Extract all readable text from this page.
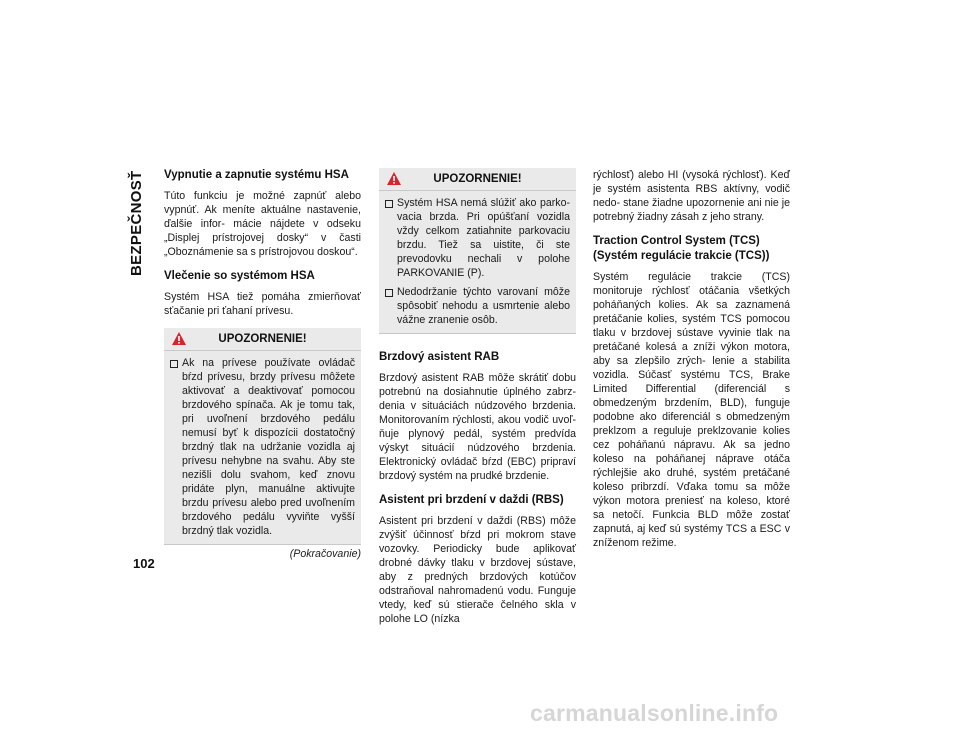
BEZPEČNOSŤ
102
Vypnutie a zapnutie systému HSA

Túto funkciu je možné zapnúť alebo vypnúť. Ak meníte aktuálne nastavenie, ďalšie infor- mácie nájdete v odseku „Displej prístrojovej dosky“ v časti „Oboznámenie sa s prístrojovou doskou“.

Vlečenie so systémom HSA

Systém HSA tiež pomáha zmierňovať sťačanie pri ťahaní prívesu.

UPOZORNENIE!
Ak na prívese používate ovládač bŕzd prívesu, brzdy prívesu môžete aktivovať a deaktivovať pomocou brzdového spínača. Ak je tomu tak, pri uvoľnení brzdového pedálu nemusí byť k dispozícii dostatočný brzdný tlak na udržanie vozidla aj prívesu nehybne na svahu. Aby ste nezišli dolu svahom, keď znovu pridáte plyn, manuálne aktivujte brzdu prívesu alebo pred uvoľnením brzdového pedálu vyviňte vyšší brzdný tlak vozidla.
(Pokračovanie)
UPOZORNENIE!
Systém HSA nemá slúžiť ako parko- vacia brzda. Pri opúšťaní vozidla vždy celkom zatiahnite parkovaciu brzdu. Tiež sa uistite, či ste prevodovku nechali v polohe PARKOVANIE (P).
Nedodržanie týchto varovaní môže spôsobiť nehodu a usmrtenie alebo vážne zranenie osôb.
Brzdový asistent RAB

Brzdový asistent RAB môže skrátiť dobu potrebnú na dosiahnutie úplného zabrz- denia v situáciách núdzového brzdenia. Monitorovaním rýchlosti, akou vodič uvoľ- ňuje plynový pedál, systém predvída výskyt situácií núdzového brzdenia. Elektronický ovládač bŕzd (EBC) pripraví brzdový systém na prudké brzdenie.

Asistent pri brzdení v daždi (RBS)

Asistent pri brzdení v daždi (RBS) môže zvýšiť účinnosť bŕzd pri mokrom stave vozovky. Periodicky bude aplikovať drobné dávky tlaku v brzdovej sústave, aby z predných brzdových kotúčov odstraňoval nahromadenú vodu. Funguje vtedy, keď sú stierače čelného skla v polohe LO (nízka

rýchlosť) alebo HI (vysoká rýchlosť). Keď je systém asistenta RBS aktívny, vodič nedo- stane žiadne upozornenie ani nie je potrebný žiadny zásah z jeho strany.

Traction Control System (TCS)
(Systém regulácie trakcie (TCS))

Systém regulácie trakcie (TCS) monitoruje rýchlosť otáčania všetkých poháňaných kolies. Ak sa zaznamená pretáčanie kolies, systém TCS pomocou tlaku v brzdovej sústave vyvinie tlak na pretáčané kolesá a zníži výkon motora, aby sa zlepšilo zrých- lenie a stabilita vozidla. Súčasť systému TCS, Brake Limited Differential (diferenciál s obmedzeným brzdením, BLD), funguje podobne ako diferenciál s obmedzeným preklzom a reguluje preklzovanie kolies cez poháňanú nápravu. Ak sa jedno koleso na poháňanej náprave otáča rýchlejšie ako druhé, systém pretáčané koleso pribrzdí. Vďaka tomu sa môže výkon motora preniesť na koleso, ktoré sa netočí. Funkcia BLD môže zostať zapnutá, aj keď sú systémy TCS a ESC v zníženom režime.

carmanualsonline.info
